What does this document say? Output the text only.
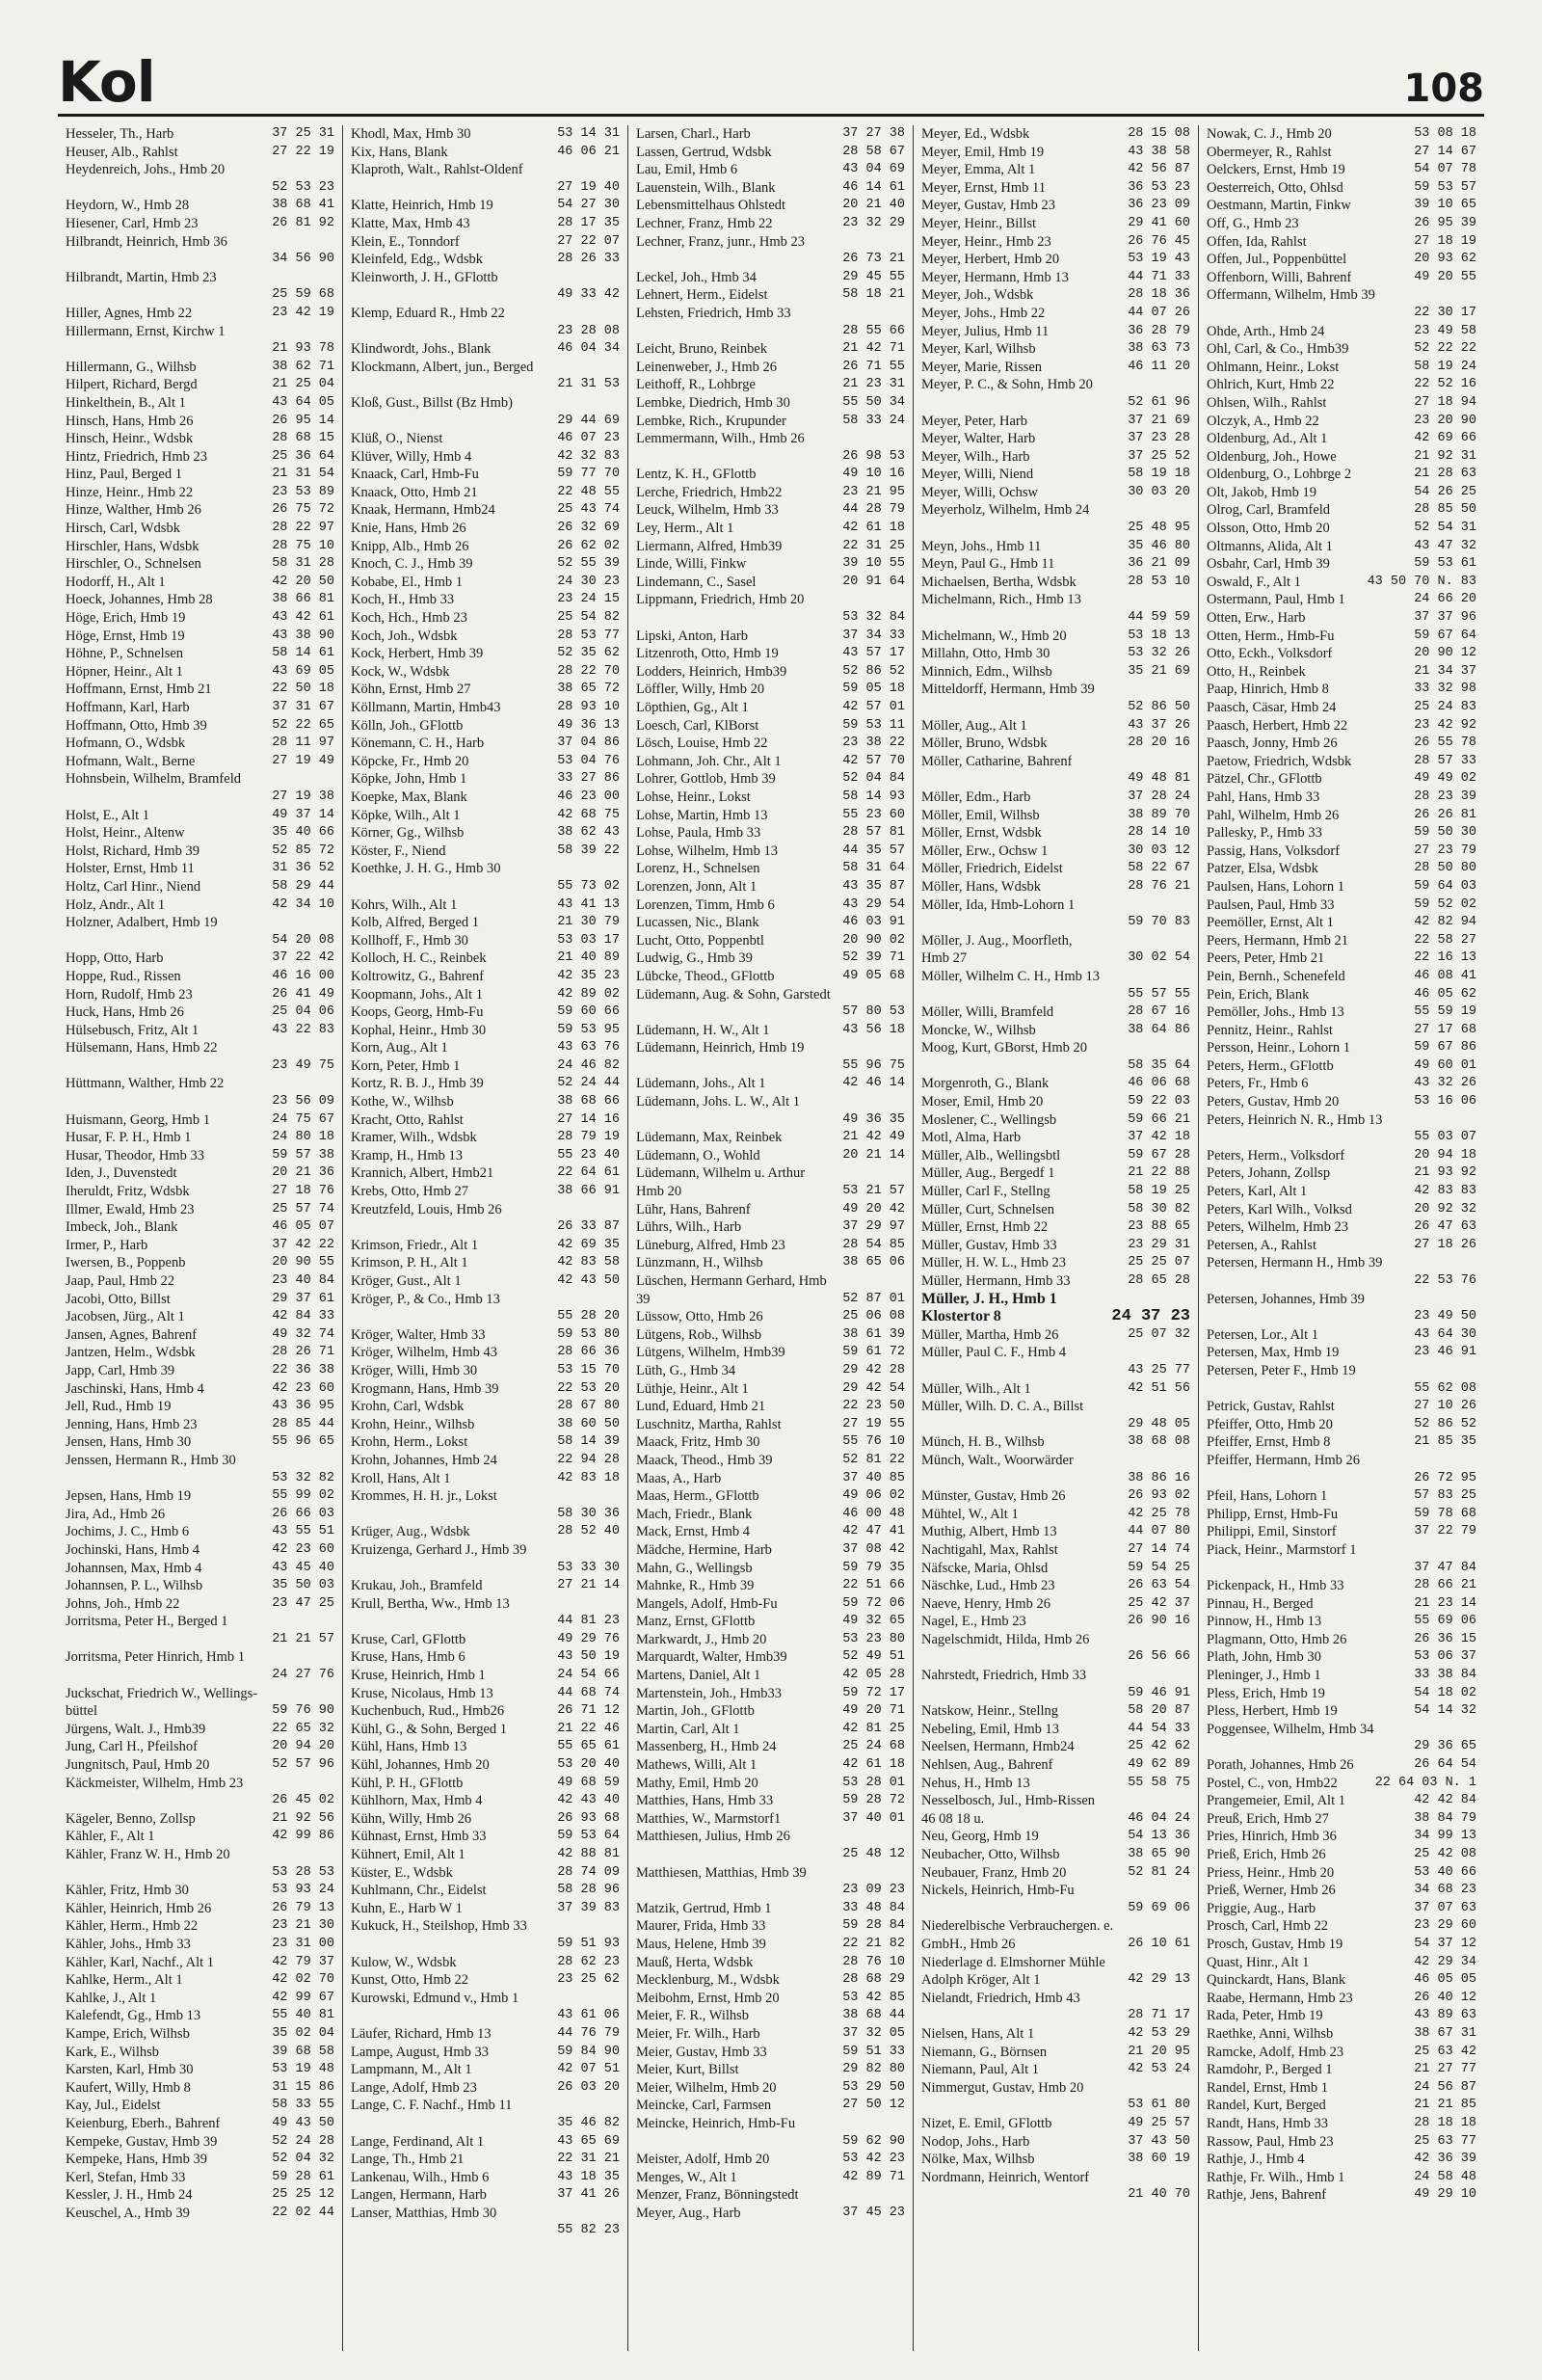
Kol	108
Hesseler, Th., Harb	37 25 31
Heuser, Alb., Rahlst	27 22 19
Heydenreich, Johs., Hmb 20
52 53 23
Heydorn, W., Hmb 28	38 68 41
Hiesener, Carl, Hmb 23	26 81 92
Hilbrandt, Heinrich, Hmb 36
34 56 90
Hilbrandt, Martin, Hmb 23
25 59 68
Hiller, Agnes, Hmb 22	23 42 19
Hillermann, Ernst, Kirchw 1
21 93 78
Hillermann, G., Wilhsb	38 62 71
Hilpert, Richard, Bergd	21 25 04
Hinkelthein, B., Alt 1	43 64 05
Hinsch, Hans, Hmb 26	26 95 14
Hinsch, Heinr., Wdsbk	28 68 15
Hintz, Friedrich, Hmb 23	25 36 64
Hinz, Paul, Berged 1	21 31 54
Hinze, Heinr., Hmb 22	23 53 89
Hinze, Walther, Hmb 26	26 75 72
Hirsch, Carl, Wdsbk	28 22 97
Hirschler, Hans, Wdsbk	28 75 10
Hirschler, O., Schnelsen	58 31 28
Hodorff, H., Alt 1	42 20 50
Hoeck, Johannes, Hmb 28	38 66 81
Höge, Erich, Hmb 19	43 42 61
Höge, Ernst, Hmb 19	43 38 90
Höhne, P., Schnelsen	58 14 61
Höpner, Heinr., Alt 1	43 69 05
Hoffmann, Ernst, Hmb 21	22 50 18
Hoffmann, Karl, Harb	37 31 67
Hoffmann, Otto, Hmb 39	52 22 65
Hofmann, O., Wdsbk	28 11 97
Hofmann, Walt., Berne	27 19 49
Hohnsbein, Wilhelm, Bramfeld
27 19 38
Holst, E., Alt 1	49 37 14
Holst, Heinr., Altenw	35 40 66
Holst, Richard, Hmb 39	52 85 72
Holster, Ernst, Hmb 11	31 36 52
Holtz, Carl Hinr., Niend	58 29 44
Holz, Andr., Alt 1	42 34 10
Holzner, Adalbert, Hmb 19
54 20 08
Hopp, Otto, Harb	37 22 42
Hoppe, Rud., Rissen	46 16 00
Horn, Rudolf, Hmb 23	26 41 49
Huck, Hans, Hmb 26	25 04 06
Hülsebusch, Fritz, Alt 1	43 22 83
Hülsemann, Hans, Hmb 22
23 49 75
Hüttmann, Walther, Hmb 22
23 56 09
Huismann, Georg, Hmb 1	24 75 67
Husar, F. P. H., Hmb 1	24 80 18
Husar, Theodor, Hmb 33	59 57 38
Iden, J., Duvenstedt	20 21 36
Iheruldt, Fritz, Wdsbk	27 18 76
Illmer, Ewald, Hmb 23	25 57 74
Imbeck, Joh., Blank	46 05 07
Irmer, P., Harb	37 42 22
Iwersen, B., Poppenb	20 90 55
Jaap, Paul, Hmb 22	23 40 84
Jacobi, Otto, Billst	29 37 61
Jacobsen, Jürg., Alt 1	42 84 33
Jansen, Agnes, Bahrenf	49 32 74
Jantzen, Helm., Wdsbk	28 26 71
Japp, Carl, Hmb 39	22 36 38
Jaschinski, Hans, Hmb 4	42 23 60
Jell, Rud., Hmb 19	43 36 95
Jenning, Hans, Hmb 23	28 85 44
Jensen, Hans, Hmb 30	55 96 65
Jenssen, Hermann R., Hmb 30
53 32 82
Jepsen, Hans, Hmb 19	55 99 02
Jira, Ad., Hmb 26	26 66 03
Jochims, J. C., Hmb 6	43 55 51
Jochinski, Hans, Hmb 4	42 23 60
Johannsen, Max, Hmb 4	43 45 40
Johannsen, P. L., Wilhsb	35 50 03
Johns, Joh., Hmb 22	23 47 25
Jorritsma, Peter H., Berged 1
21 21 57
Jorritsma, Peter Hinrich, Hmb 1
24 27 76
Juckschat, Friedrich W., Wellings-
büttel	59 76 90
Jürgens, Walt. J., Hmb39	22 65 32
Jung, Carl H., Pfeilshof	20 94 20
Jungnitsch, Paul, Hmb 20	52 57 96
Käckmeister, Wilhelm, Hmb 23
26 45 02
Kägeler, Benno, Zollsp	21 92 56
Kähler, F., Alt 1	42 99 86
Kähler, Franz W. H., Hmb 20
53 28 53
Kähler, Fritz, Hmb 30	53 93 24
Kähler, Heinrich, Hmb 26	26 79 13
Kähler, Herm., Hmb 22	23 21 30
Kähler, Johs., Hmb 33	23 31 00
Kähler, Karl, Nachf., Alt 1	42 79 37
Kahlke, Herm., Alt 1	42 02 70
Kahlke, J., Alt 1	42 99 67
Kalefendt, Gg., Hmb 13	55 40 81
Kampe, Erich, Wilhsb	35 02 04
Kark, E., Wilhsb	39 68 58
Karsten, Karl, Hmb 30	53 19 48
Kaufert, Willy, Hmb 8	31 15 86
Kay, Jul., Eidelst	58 33 55
Keienburg, Eberh., Bahrenf	49 43 50
Kempeke, Gustav, Hmb 39	52 24 28
Kempeke, Hans, Hmb 39	52 04 32
Kerl, Stefan, Hmb 33	59 28 61
Kessler, J. H., Hmb 24	25 25 12
Keuschel, A., Hmb 39	22 02 44
Khodl, Max, Hmb 30	53 14 31
Kix, Hans, Blank	46 06 21
Klaproth, Walt., Rahlst-Oldenf
27 19 40
Klatte, Heinrich, Hmb 19	54 27 30
Klatte, Max, Hmb 43	28 17 35
Klein, E., Tonndorf	27 22 07
Kleinfeld, Edg., Wdsbk	28 26 33
Kleinworth, J. H., GFlottb
49 33 42
Klemp, Eduard R., Hmb 22
23 28 08
Klindwordt, Johs., Blank	46 04 34
Klockmann, Albert, jun., Berged
21 31 53
Kloß, Gust., Billst (Bz Hmb)
29 44 69
Klüß, O., Nienst	46 07 23
Klüver, Willy, Hmb 4	42 32 83
Knaack, Carl, Hmb-Fu	59 77 70
Knaack, Otto, Hmb 21	22 48 55
Knaak, Hermann, Hmb24	25 43 74
Knie, Hans, Hmb 26	26 32 69
Knipp, Alb., Hmb 26	26 62 02
Knoch, C. J., Hmb 39	52 55 39
Kobabe, El., Hmb 1	24 30 23
Koch, H., Hmb 33	23 24 15
Koch, Hch., Hmb 23	25 54 82
Koch, Joh., Wdsbk	28 53 77
Kock, Herbert, Hmb 39	52 35 62
Kock, W., Wdsbk	28 22 70
Köhn, Ernst, Hmb 27	38 65 72
Köllmann, Martin, Hmb43	28 93 10
Kölln, Joh., GFlottb	49 36 13
Könemann, C. H., Harb	37 04 86
Köpcke, Fr., Hmb 20	53 04 76
Köpke, John, Hmb 1	33 27 86
Koepke, Max, Blank	46 23 00
Köpke, Wilh., Alt 1	42 68 75
Körner, Gg., Wilhsb	38 62 43
Köster, F., Niend	58 39 22
Koethke, J. H. G., Hmb 30
55 73 02
Kohrs, Wilh., Alt 1	43 41 13
Kolb, Alfred, Berged 1	21 30 79
Kollhoff, F., Hmb 30	53 03 17
Kolloch, H. C., Reinbek	21 40 89
Koltrowitz, G., Bahrenf	42 35 23
Koopmann, Johs., Alt 1	42 89 02
Koops, Georg, Hmb-Fu	59 60 66
Kophal, Heinr., Hmb 30	59 53 95
Korn, Aug., Alt 1	43 63 76
Korn, Peter, Hmb 1	24 46 82
Kortz, R. B. J., Hmb 39	52 24 44
Kothe, W., Wilhsb	38 68 66
Kracht, Otto, Rahlst	27 14 16
Kramer, Wilh., Wdsbk	28 79 19
Kramp, H., Hmb 13	55 23 40
Krannich, Albert, Hmb21	22 64 61
Krebs, Otto, Hmb 27	38 66 91
Kreutzfeld, Louis, Hmb 26
26 33 87
Krimson, Friedr., Alt 1	42 69 35
Krimson, P. H., Alt 1	42 83 58
Kröger, Gust., Alt 1	42 43 50
Kröger, P., & Co., Hmb 13
55 28 20
Kröger, Walter, Hmb 33	59 53 80
Kröger, Wilhelm, Hmb 43	28 66 36
Kröger, Willi, Hmb 30	53 15 70
Krogmann, Hans, Hmb 39	22 53 20
Krohn, Carl, Wdsbk	28 67 80
Krohn, Heinr., Wilhsb	38 60 50
Krohn, Herm., Lokst	58 14 39
Krohn, Johannes, Hmb 24	22 94 28
Kroll, Hans, Alt 1	42 83 18
Krommes, H. H. jr., Lokst
58 30 36
Krüger, Aug., Wdsbk	28 52 40
Kruizenga, Gerhard J., Hmb 39
53 33 30
Krukau, Joh., Bramfeld	27 21 14
Krull, Bertha, Ww., Hmb 13
44 81 23
Kruse, Carl, GFlottb	49 29 76
Kruse, Hans, Hmb 6	43 50 19
Kruse, Heinrich, Hmb 1	24 54 66
Kruse, Nicolaus, Hmb 13	44 68 74
Kuchenbuch, Rud., Hmb26	26 71 12
Kühl, G., & Sohn, Berged 1	21 22 46
Kühl, Hans, Hmb 13	55 65 61
Kühl, Johannes, Hmb 20	53 20 40
Kühl, P. H., GFlottb	49 68 59
Kühlhorn, Max, Hmb 4	42 43 40
Kühn, Willy, Hmb 26	26 93 68
Kühnast, Ernst, Hmb 33	59 53 64
Kühnert, Emil, Alt 1	42 88 81
Küster, E., Wdsbk	28 74 09
Kuhlmann, Chr., Eidelst	58 28 96
Kuhn, E., Harb W 1	37 39 83
Kukuck, H., Steilshop, Hmb 33
59 51 93
Kulow, W., Wdsbk	28 62 23
Kunst, Otto, Hmb 22	23 25 62
Kurowski, Edmund v., Hmb 1
43 61 06
Läufer, Richard, Hmb 13	44 76 79
Lampe, August, Hmb 33	59 84 90
Lampmann, M., Alt 1	42 07 51
Lange, Adolf, Hmb 23	26 03 20
Lange, C. F. Nachf., Hmb 11
35 46 82
Lange, Ferdinand, Alt 1	43 65 69
Lange, Th., Hmb 21	22 31 21
Lankenau, Wilh., Hmb 6	43 18 35
Langen, Hermann, Harb	37 41 26
Lanser, Matthias, Hmb 30
55 82 23
Larsen, Charl., Harb	37 27 38
Lassen, Gertrud, Wdsbk	28 58 67
Lau, Emil, Hmb 6	43 04 69
Lauenstein, Wilh., Blank	46 14 61
Lebensmittelhaus Ohlstedt	20 21 40
Lechner, Franz, Hmb 22	23 32 29
Lechner, Franz, junr., Hmb 23
26 73 21
Leckel, Joh., Hmb 34	29 45 55
Lehnert, Herm., Eidelst	58 18 21
Lehsten, Friedrich, Hmb 33
28 55 66
Leicht, Bruno, Reinbek	21 42 71
Leinenweber, J., Hmb 26	26 71 55
Leithoff, R., Lohbrge	21 23 31
Lembke, Diedrich, Hmb 30	55 50 34
Lembke, Rich., Krupunder	58 33 24
Lemmermann, Wilh., Hmb 26
26 98 53
Lentz, K. H., GFlottb	49 10 16
Lerche, Friedrich, Hmb22	23 21 95
Leuck, Wilhelm, Hmb 33	44 28 79
Ley, Herm., Alt 1	42 61 18
Liermann, Alfred, Hmb39	22 31 25
Linde, Willi, Finkw	39 10 55
Lindemann, C., Sasel	20 91 64
Lippmann, Friedrich, Hmb 20
53 32 84
Lipski, Anton, Harb	37 34 33
Litzenroth, Otto, Hmb 19	43 57 17
Lodders, Heinrich, Hmb39	52 86 52
Löffler, Willy, Hmb 20	59 05 18
Löpthien, Gg., Alt 1	42 57 01
Loesch, Carl, KlBorst	59 53 11
Lösch, Louise, Hmb 22	23 38 22
Lohmann, Joh. Chr., Alt 1	42 57 70
Lohrer, Gottlob, Hmb 39	52 04 84
Lohse, Heinr., Lokst	58 14 93
Lohse, Martin, Hmb 13	55 23 60
Lohse, Paula, Hmb 33	28 57 81
Lohse, Wilhelm, Hmb 13	44 35 57
Lorenz, H., Schnelsen	58 31 64
Lorenzen, Jonn, Alt 1	43 35 87
Lorenzen, Timm, Hmb 6	43 29 54
Lucassen, Nic., Blank	46 03 91
Lucht, Otto, Poppenbtl	20 90 02
Ludwig, G., Hmb 39	52 39 71
Lübcke, Theod., GFlottb	49 05 68
Lüdemann, Aug. & Sohn, Garstedt
57 80 53
Lüdemann, H. W., Alt 1	43 56 18
Lüdemann, Heinrich, Hmb 19
55 96 75
Lüdemann, Johs., Alt 1	42 46 14
Lüdemann, Johs. L. W., Alt 1
49 36 35
Lüdemann, Max, Reinbek	21 42 49
Lüdemann, O., Wohld	20 21 14
Lüdemann, Wilhelm u. Arthur
Hmb 20	53 21 57
Lühr, Hans, Bahrenf	49 20 42
Lührs, Wilh., Harb	37 29 97
Lüneburg, Alfred, Hmb 23	28 54 85
Lünzmann, H., Wilhsb	38 65 06
Lüschen, Hermann Gerhard, Hmb
39	52 87 01
Lüssow, Otto, Hmb 26	25 06 08
Lütgens, Rob., Wilhsb	38 61 39
Lütgens, Wilhelm, Hmb39	59 61 72
Lüth, G., Hmb 34	29 42 28
Lüthje, Heinr., Alt 1	29 42 54
Lund, Eduard, Hmb 21	22 23 50
Luschnitz, Martha, Rahlst	27 19 55
Maack, Fritz, Hmb 30	55 76 10
Maack, Theod., Hmb 39	52 81 22
Maas, A., Harb	37 40 85
Maas, Herm., GFlottb	49 06 02
Mach, Friedr., Blank	46 00 48
Mack, Ernst, Hmb 4	42 47 41
Mädche, Hermine, Harb	37 08 42
Mahn, G., Wellingsb	59 79 35
Mahnke, R., Hmb 39	22 51 66
Mangels, Adolf, Hmb-Fu	59 72 06
Manz, Ernst, GFlottb	49 32 65
Markwardt, J., Hmb 20	53 23 80
Marquardt, Walter, Hmb39	52 49 51
Martens, Daniel, Alt 1	42 05 28
Martenstein, Joh., Hmb33	59 72 17
Martin, Joh., GFlottb	49 20 71
Martin, Carl, Alt 1	42 81 25
Massenberg, H., Hmb 24	25 24 68
Mathews, Willi, Alt 1	42 61 18
Mathy, Emil, Hmb 20	53 28 01
Matthies, Hans, Hmb 33	59 28 72
Matthies, W., Marmstorf1	37 40 01
Matthiesen, Julius, Hmb 26
25 48 12
Matthiesen, Matthias, Hmb 39
23 09 23
Matzik, Gertrud, Hmb 1	33 48 84
Maurer, Frida, Hmb 33	59 28 84
Maus, Helene, Hmb 39	22 21 82
Mauß, Herta, Wdsbk	28 76 10
Mecklenburg, M., Wdsbk	28 68 29
Meibohm, Ernst, Hmb 20	53 42 85
Meier, F. R., Wilhsb	38 68 44
Meier, Fr. Wilh., Harb	37 32 05
Meier, Gustav, Hmb 33	59 51 33
Meier, Kurt, Billst	29 82 80
Meier, Wilhelm, Hmb 20	53 29 50
Meincke, Carl, Farmsen	27 50 12
Meincke, Heinrich, Hmb-Fu
59 62 90
Meister, Adolf, Hmb 20	53 42 23
Menges, W., Alt 1	42 89 71
Menzer, Franz, Bönningstedt
Meyer, Aug., Harb	37 45 23
Meyer, Ed., Wdsbk	28 15 08
Meyer, Emil, Hmb 19	43 38 58
Meyer, Emma, Alt 1	42 56 87
Meyer, Ernst, Hmb 11	36 53 23
Meyer, Gustav, Hmb 23	36 23 09
Meyer, Heinr., Billst	29 41 60
Meyer, Heinr., Hmb 23	26 76 45
Meyer, Herbert, Hmb 20	53 19 43
Meyer, Hermann, Hmb 13	44 71 33
Meyer, Joh., Wdsbk	28 18 36
Meyer, Johs., Hmb 22	44 07 26
Meyer, Julius, Hmb 11	36 28 79
Meyer, Karl, Wilhsb	38 63 73
Meyer, Marie, Rissen	46 11 20
Meyer, P. C., & Sohn, Hmb 20
52 61 96
Meyer, Peter, Harb	37 21 69
Meyer, Walter, Harb	37 23 28
Meyer, Wilh., Harb	37 25 52
Meyer, Willi, Niend	58 19 18
Meyer, Willi, Ochsw	30 03 20
Meyerholz, Wilhelm, Hmb 24
25 48 95
Meyn, Johs., Hmb 11	35 46 80
Meyn, Paul G., Hmb 11	36 21 09
Michaelsen, Bertha, Wdsbk	28 53 10
Michelmann, Rich., Hmb 13
44 59 59
Michelmann, W., Hmb 20	53 18 13
Millahn, Otto, Hmb 30	53 32 26
Minnich, Edm., Wilhsb	35 21 69
Mitteldorff, Hermann, Hmb 39
52 86 50
Möller, Aug., Alt 1	43 37 26
Möller, Bruno, Wdsbk	28 20 16
Möller, Catharine, Bahrenf
49 48 81
Möller, Edm., Harb	37 28 24
Möller, Emil, Wilhsb	38 89 70
Möller, Ernst, Wdsbk	28 14 10
Möller, Erw., Ochsw 1	30 03 12
Möller, Friedrich, Eidelst	58 22 67
Möller, Hans, Wdsbk	28 76 21
Möller, Ida, Hmb-Lohorn 1
59 70 83
Möller, J. Aug., Moorfleth,
Hmb 27	30 02 54
Möller, Wilhelm C. H., Hmb 13
55 57 55
Möller, Willi, Bramfeld	28 67 16
Moncke, W., Wilhsb	38 64 86
Moog, Kurt, GBorst, Hmb 20
58 35 64
Morgenroth, G., Blank	46 06 68
Moser, Emil, Hmb 20	59 22 03
Moslener, C., Wellingsb	59 66 21
Motl, Alma, Harb	37 42 18
Müller, Alb., Wellingsbtl	59 67 28
Müller, Aug., Bergedf 1	21 22 88
Müller, Carl F., Stellng	58 19 25
Müller, Curt, Schnelsen	58 30 82
Müller, Ernst, Hmb 22	23 88 65
Müller, Gustav, Hmb 33	23 29 31
Müller, H. W. L., Hmb 23	25 25 07
Müller, Hermann, Hmb 33	28 65 28
Müller, J. H., Hmb 1
Klostertor 8	24 37 23
Müller, Martha, Hmb 26	25 07 32
Müller, Paul C. F., Hmb 4
43 25 77
Müller, Wilh., Alt 1	42 51 56
Müller, Wilh. D. C. A., Billst
29 48 05
Münch, H. B., Wilhsb	38 68 08
Münch, Walt., Woorwärder
38 86 16
Münster, Gustav, Hmb 26	26 93 02
Mühtel, W., Alt 1	42 25 78
Muthig, Albert, Hmb 13	44 07 80
Nachtigahl, Max, Rahlst	27 14 74
Näfscke, Maria, Ohlsd	59 54 25
Näschke, Lud., Hmb 23	26 63 54
Naeve, Henry, Hmb 26	25 42 37
Nagel, E., Hmb 23	26 90 16
Nagelschmidt, Hilda, Hmb 26
26 56 66
Nahrstedt, Friedrich, Hmb 33
59 46 91
Natskow, Heinr., Stellng	58 20 87
Nebeling, Emil, Hmb 13	44 54 33
Neelsen, Hermann, Hmb24	25 42 62
Nehlsen, Aug., Bahrenf	49 62 89
Nehus, H., Hmb 13	55 58 75
Nesselbosch, Jul., Hmb-Rissen
46 08 18 u.	46 04 24
Neu, Georg, Hmb 19	54 13 36
Neubacher, Otto, Wilhsb	38 65 90
Neubauer, Franz, Hmb 20	52 81 24
Nickels, Heinrich, Hmb-Fu
59 69 06
Niederelbische Verbrauchergen. e.
GmbH., Hmb 26	26 10 61
Niederlage d. Elmshorner Mühle
Adolph Kröger, Alt 1	42 29 13
Nielandt, Friedrich, Hmb 43
28 71 17
Nielsen, Hans, Alt 1	42 53 29
Niemann, G., Börnsen	21 20 95
Niemann, Paul, Alt 1	42 53 24
Nimmergut, Gustav, Hmb 20
53 61 80
Nizet, E. Emil, GFlottb	49 25 57
Nodop, Johs., Harb	37 43 50
Nölke, Max, Wilhsb	38 60 19
Nordmann, Heinrich, Wentorf
21 40 70
Nowak, C. J., Hmb 20	53 08 18
Obermeyer, R., Rahlst	27 14 67
Oelckers, Ernst, Hmb 19	54 07 78
Oesterreich, Otto, Ohlsd	59 53 57
Oestmann, Martin, Finkw	39 10 65
Off, G., Hmb 23	26 95 39
Offen, Ida, Rahlst	27 18 19
Offen, Jul., Poppenbüttel	20 93 62
Offenborn, Willi, Bahrenf	49 20 55
Offermann, Wilhelm, Hmb 39
22 30 17
Ohde, Arth., Hmb 24	23 49 58
Ohl, Carl, & Co., Hmb39	52 22 22
Ohlmann, Heinr., Lokst	58 19 24
Ohlrich, Kurt, Hmb 22	22 52 16
Ohlsen, Wilh., Rahlst	27 18 94
Olczyk, A., Hmb 22	23 20 90
Oldenburg, Ad., Alt 1	42 69 66
Oldenburg, Joh., Howe	21 92 31
Oldenburg, O., Lohbrge 2	21 28 63
Olt, Jakob, Hmb 19	54 26 25
Olrog, Carl, Bramfeld	28 85 50
Olsson, Otto, Hmb 20	52 54 31
Oltmanns, Alida, Alt 1	43 47 32
Osbahr, Carl, Hmb 39	59 53 61
Oswald, F., Alt 1	43 50 70 N. 83
Ostermann, Paul, Hmb 1	24 66 20
Otten, Erw., Harb	37 37 96
Otten, Herm., Hmb-Fu	59 67 64
Otto, Eckh., Volksdorf	20 90 12
Otto, H., Reinbek	21 34 37
Paap, Hinrich, Hmb 8	33 32 98
Paasch, Cäsar, Hmb 24	25 24 83
Paasch, Herbert, Hmb 22	23 42 92
Paasch, Jonny, Hmb 26	26 55 78
Paetow, Friedrich, Wdsbk	28 57 33
Pätzel, Chr., GFlottb	49 49 02
Pahl, Hans, Hmb 33	28 23 39
Pahl, Wilhelm, Hmb 26	26 26 81
Pallesky, P., Hmb 33	59 50 30
Passig, Hans, Volksdorf	27 23 79
Patzer, Elsa, Wdsbk	28 50 80
Paulsen, Hans, Lohorn 1	59 64 03
Paulsen, Paul, Hmb 33	59 52 02
Peemöller, Ernst, Alt 1	42 82 94
Peers, Hermann, Hmb 21	22 58 27
Peers, Peter, Hmb 21	22 16 13
Pein, Bernh., Schenefeld	46 08 41
Pein, Erich, Blank	46 05 62
Pemöller, Johs., Hmb 13	55 59 19
Pennitz, Heinr., Rahlst	27 17 68
Persson, Heinr., Lohorn 1	59 67 86
Peters, Herm., GFlottb	49 60 01
Peters, Fr., Hmb 6	43 32 26
Peters, Gustav, Hmb 20	53 16 06
Peters, Heinrich N. R., Hmb 13
55 03 07
Peters, Herm., Volksdorf	20 94 18
Peters, Johann, Zollsp	21 93 92
Peters, Karl, Alt 1	42 83 83
Peters, Karl Wilh., Volksd	20 92 32
Peters, Wilhelm, Hmb 23	26 47 63
Petersen, A., Rahlst	27 18 26
Petersen, Hermann H., Hmb 39
22 53 76
Petersen, Johannes, Hmb 39
23 49 50
Petersen, Lor., Alt 1	43 64 30
Petersen, Max, Hmb 19	23 46 91
Petersen, Peter F., Hmb 19
55 62 08
Petrick, Gustav, Rahlst	27 10 26
Pfeiffer, Otto, Hmb 20	52 86 52
Pfeiffer, Ernst, Hmb 8	21 85 35
Pfeiffer, Hermann, Hmb 26
26 72 95
Pfeil, Hans, Lohorn 1	57 83 25
Philipp, Ernst, Hmb-Fu	59 78 68
Philippi, Emil, Sinstorf	37 22 79
Piack, Heinr., Marmstorf 1
37 47 84
Pickenpack, H., Hmb 33	28 66 21
Pinnau, H., Berged	21 23 14
Pinnow, H., Hmb 13	55 69 06
Plagmann, Otto, Hmb 26	26 36 15
Plath, John, Hmb 30	53 06 37
Pleninger, J., Hmb 1	33 38 84
Pless, Erich, Hmb 19	54 18 02
Pless, Herbert, Hmb 19	54 14 32
Poggensee, Wilhelm, Hmb 34
29 36 65
Porath, Johannes, Hmb 26	26 64 54
Postel, C., von, Hmb22	22 64 03 N. 1
Prangemeier, Emil, Alt 1	42 42 84
Preuß, Erich, Hmb 27	38 84 79
Pries, Hinrich, Hmb 36	34 99 13
Prieß, Erich, Hmb 26	25 42 08
Priess, Heinr., Hmb 20	53 40 66
Prieß, Werner, Hmb 26	34 68 23
Priggie, Aug., Harb	37 07 63
Prosch, Carl, Hmb 22	23 29 60
Prosch, Gustav, Hmb 19	54 37 12
Quast, Hinr., Alt 1	42 29 34
Quinckardt, Hans, Blank	46 05 05
Raabe, Hermann, Hmb 23	26 40 12
Rada, Peter, Hmb 19	43 89 63
Raethke, Anni, Wilhsb	38 67 31
Ramcke, Adolf, Hmb 23	25 63 42
Ramdohr, P., Berged 1	21 27 77
Randel, Ernst, Hmb 1	24 56 87
Randel, Kurt, Berged	21 21 85
Randt, Hans, Hmb 33	28 18 18
Rassow, Paul, Hmb 23	25 63 77
Rathje, J., Hmb 4	42 36 39
Rathje, Fr. Wilh., Hmb 1	24 58 48
Rathje, Jens, Bahrenf	49 29 10
